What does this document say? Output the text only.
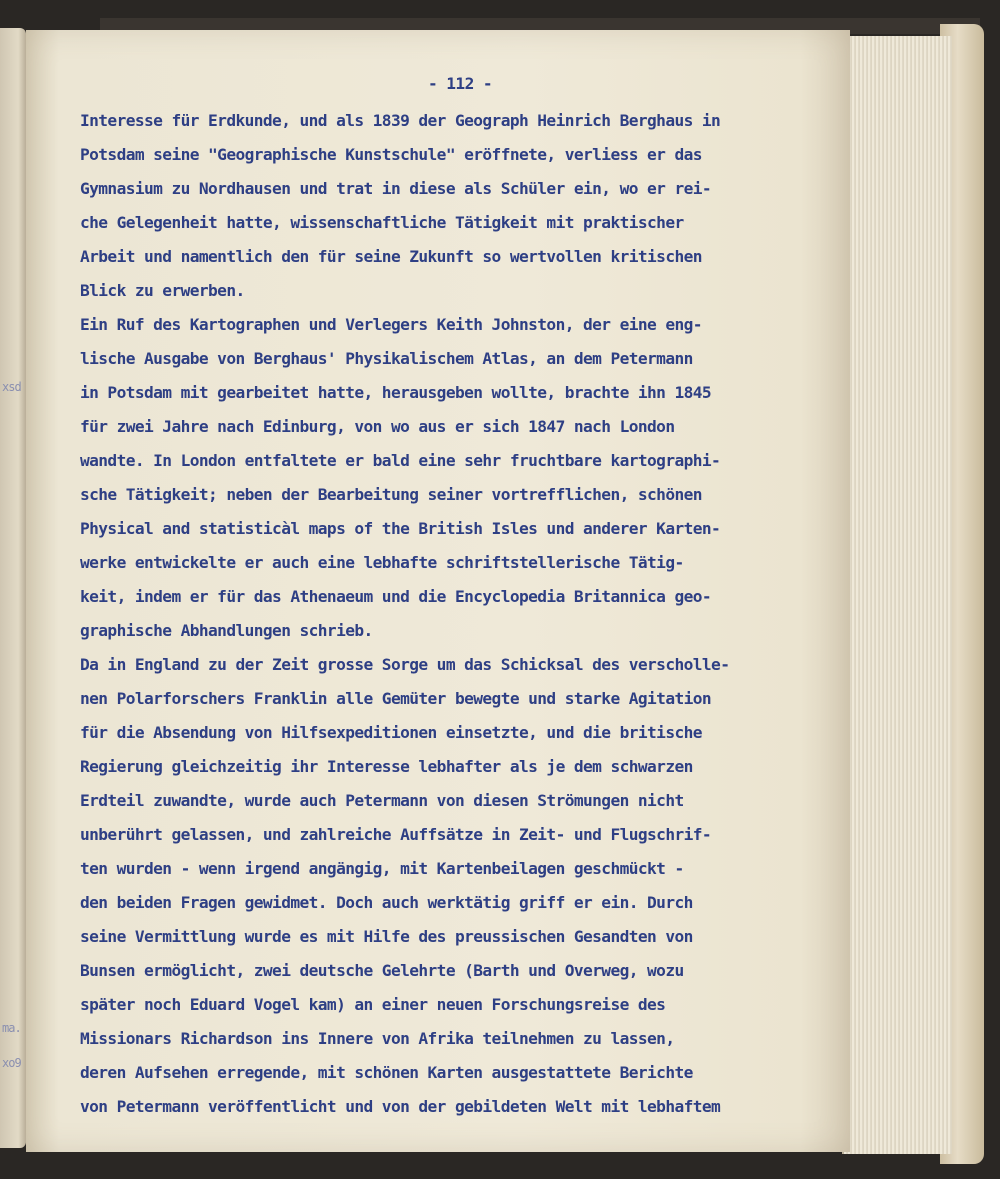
xsd
ma.
xo9
- 112 -
Interesse für Erdkunde, und als 1839 der Geograph Heinrich Berghaus in
Potsdam seine "Geographische Kunstschule" eröffnete, verliess er das
Gymnasium zu Nordhausen und trat in diese als Schüler ein, wo er rei-
che Gelegenheit hatte, wissenschaftliche Tätigkeit mit praktischer
Arbeit und namentlich den für seine Zukunft so wertvollen kritischen
Blick zu erwerben.
Ein Ruf des Kartographen und Verlegers Keith Johnston, der eine eng-
lische Ausgabe von Berghaus' Physikalischem Atlas, an dem Petermann
in Potsdam mit gearbeitet hatte, herausgeben wollte, brachte ihn 1845
für zwei Jahre nach Edinburg, von wo aus er sich 1847 nach London
wandte. In London entfaltete er bald eine sehr fruchtbare kartographi-
sche Tätigkeit; neben der Bearbeitung seiner vortrefflichen, schönen
Physical and statisticàl maps of the British Isles und anderer Karten-
werke entwickelte er auch eine lebhafte schriftstellerische Tätig-
keit, indem er für das Athenaeum und die Encyclopedia Britannica geo-
graphische Abhandlungen schrieb.
Da in England zu der Zeit grosse Sorge um das Schicksal des verscholle-
nen Polarforschers Franklin alle Gemüter bewegte und starke Agitation
für die Absendung von Hilfsexpeditionen einsetzte, und die britische
Regierung gleichzeitig ihr Interesse lebhafter als je dem schwarzen
Erdteil zuwandte, wurde auch Petermann von diesen Strömungen nicht
unberührt gelassen, und zahlreiche Auffsätze in Zeit- und Flugschrif-
ten wurden - wenn irgend angängig, mit Kartenbeilagen geschmückt -
den beiden Fragen gewidmet. Doch auch werktätig griff er ein. Durch
seine Vermittlung wurde es mit Hilfe des preussischen Gesandten von
Bunsen ermöglicht, zwei deutsche Gelehrte (Barth und Overweg, wozu
später noch Eduard Vogel kam) an einer neuen Forschungsreise des
Missionars Richardson ins Innere von Afrika teilnehmen zu lassen,
deren Aufsehen erregende, mit schönen Karten ausgestattete Berichte
von Petermann veröffentlicht und von der gebildeten Welt mit lebhaftem
